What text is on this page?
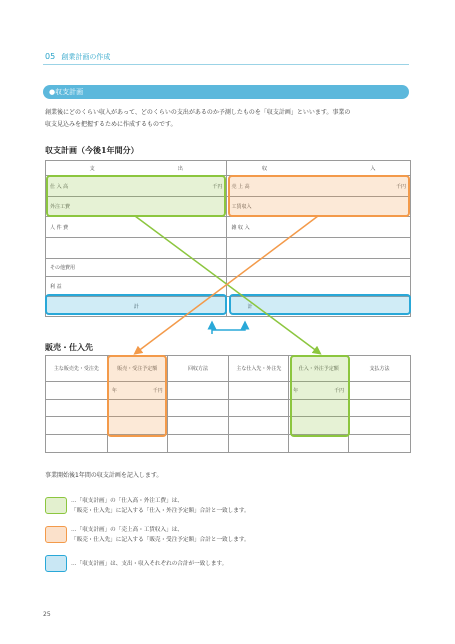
05 創業計画の作成
●収支計画
創業後にどのくらい収入があって、どのくらいの支出があるのか予測したものを「収支計画」といいます。事業の
収支見込みを把握するために作成するものです。
収支計画（今後1年間分）
支 出	収 入
仕 入 高 千円	売 上 高 千円

外注工費	工賃収入
人 件 費	雑 収 入

その他費用	
利 益	
計	計
販売・仕入先
主な販売先・受注先	販売・受注予定額	回収方法	主な仕入先・外注先	仕入・外注予定額	支払方法
	年 千円			年 千円	

事業開始後1年間の収支計画を記入します。
…「収支計画」の「仕入高・外注工費」は、
「販売・仕入先」に記入する「仕入・外注予定額」合計と一致します。
…「収支計画」の「売上高・工賃収入」は、
「販売・仕入先」に記入する「販売・受注予定額」合計と一致します。
…「収支計画」は、支出・収入それぞれの合計が一致します。
25
